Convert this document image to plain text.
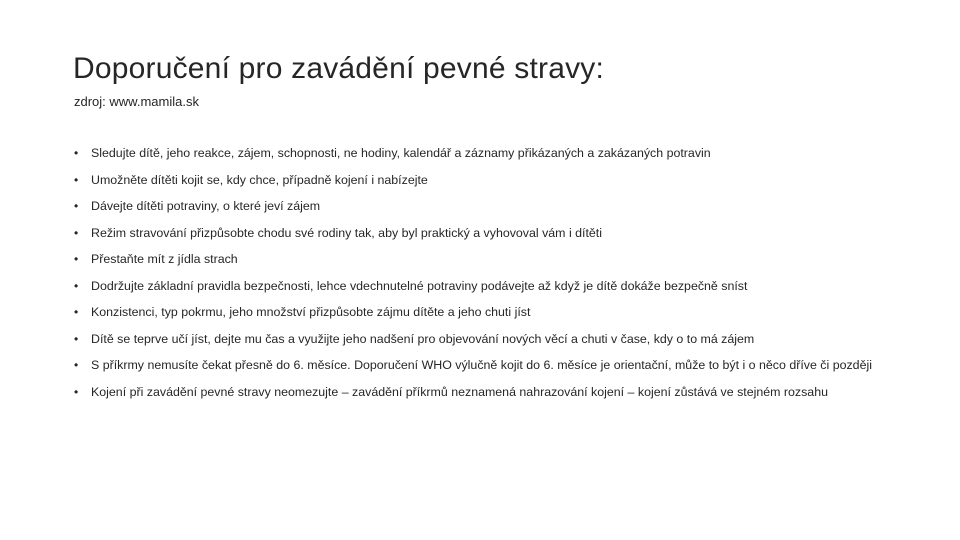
Doporučení pro zavádění pevné stravy:
zdroj: www.mamila.sk
• Sledujte dítě, jeho reakce, zájem, schopnosti, ne hodiny, kalendář a záznamy přikázaných a zakázaných potravin
• Umožněte dítěti kojit se, kdy chce, případně kojení i nabízejte
• Dávejte dítěti potraviny, o které jeví zájem
• Režim stravování přizpůsobte chodu své rodiny tak, aby byl praktický a vyhovoval vám i dítěti
• Přestaňte mít z jídla strach
• Dodržujte základní pravidla bezpečnosti, lehce vdechnutelné potraviny podávejte až když je dítě dokáže bezpečně sníst
• Konzistenci, typ pokrmu, jeho množství přizpůsobte zájmu dítěte a jeho chuti jíst
• Dítě se teprve učí jíst, dejte mu čas a využijte jeho nadšení pro objevování nových věcí a chuti v čase, kdy o to má zájem
• S příkrmy nemusíte čekat přesně do 6. měsíce. Doporučení WHO výlučně kojit do 6. měsíce je orientační, může to být i o něco dříve či později
• Kojení při zavádění pevné stravy neomezujte – zavádění příkrmů neznamená nahrazování kojení – kojení zůstává ve stejném rozsahu
